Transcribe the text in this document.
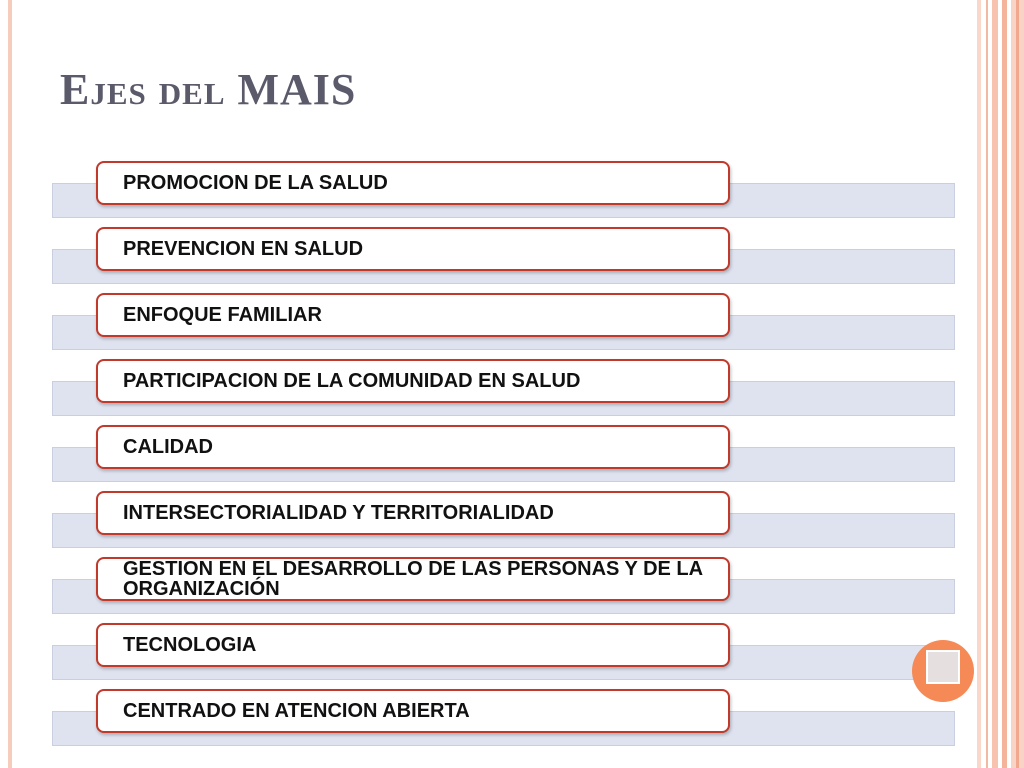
Ejes del MAIS
PROMOCION DE LA SALUD
PREVENCION EN SALUD
ENFOQUE FAMILIAR
PARTICIPACION DE LA COMUNIDAD EN SALUD
CALIDAD
INTERSECTORIALIDAD Y TERRITORIALIDAD
GESTION EN EL DESARROLLO DE LAS PERSONAS Y DE LA ORGANIZACIÓN
TECNOLOGIA
CENTRADO EN ATENCION ABIERTA
